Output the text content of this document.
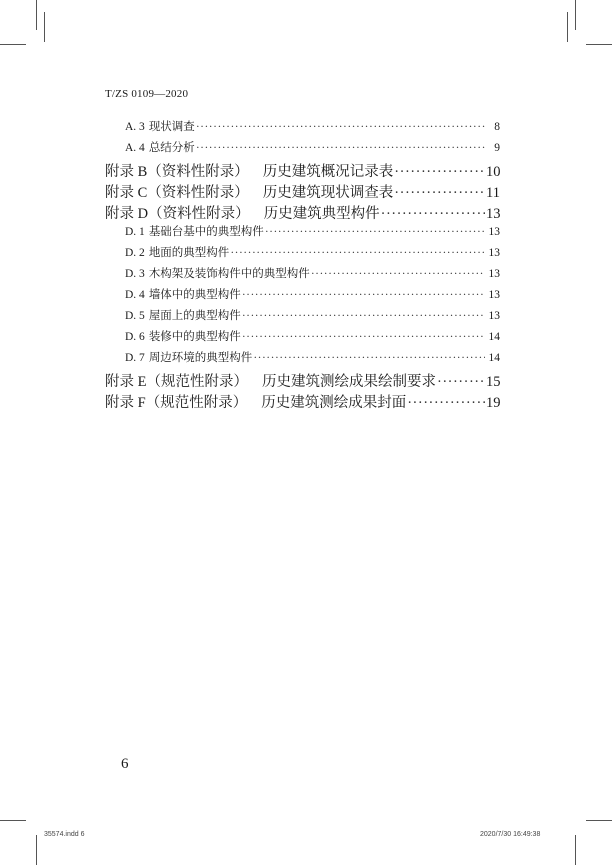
T/ZS 0109—2020
A. 3 现状调查 ·····	8
A. 4 总结分析 ·····	9
附录 B（资料性附录） 历史建筑概况记录表 ·····	10
附录 C（资料性附录） 历史建筑现状调查表 ·····	11
附录 D（资料性附录） 历史建筑典型构件 ·····	13
D. 1 基础台基中的典型构件 ·····	13
D. 2 地面的典型构件 ·····	13
D. 3 木构架及装饰构件中的典型构件 ·····	13
D. 4 墙体中的典型构件 ·····	13
D. 5 屋面上的典型构件 ·····	13
D. 6 装修中的典型构件 ·····	14
D. 7 周边环境的典型构件 ·····	14
附录 E（规范性附录） 历史建筑测绘成果绘制要求 ·····	15
附录 F（规范性附录） 历史建筑测绘成果封面 ·····	19
6
35574.indd 6	2020/7/30 16:49:38
